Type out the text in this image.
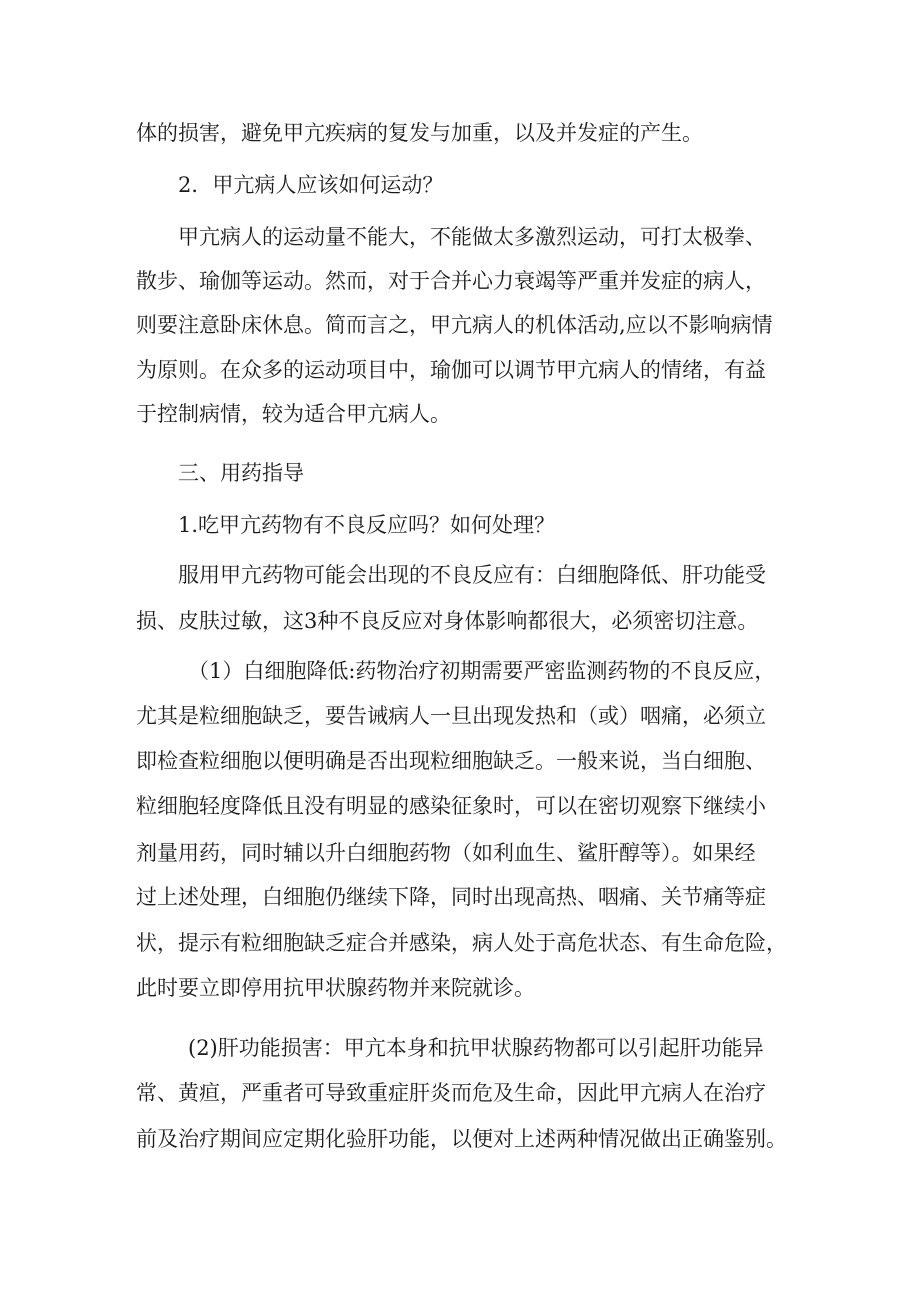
体的损害，避免甲亢疾病的复发与加重，以及并发症的产生。
2．甲亢病人应该如何运动？
甲亢病人的运动量不能大，不能做太多激烈运动，可打太极拳、
散步、瑜伽等运动。然而，对于合并心力衰竭等严重并发症的病人，
则要注意卧床休息。简而言之，甲亢病人的机体活动,应以不影响病情
为原则。在众多的运动项目中，瑜伽可以调节甲亢病人的情绪，有益
于控制病情，较为适合甲亢病人。
三、用药指导
1.吃甲亢药物有不良反应吗？如何处理？
服用甲亢药物可能会出现的不良反应有：白细胞降低、肝功能受
损、皮肤过敏，这3种不良反应对身体影响都很大，必须密切注意。
（1）白细胞降低:药物治疗初期需要严密监测药物的不良反应，
尤其是粒细胞缺乏，要告诫病人一旦出现发热和（或）咽痛，必须立
即检查粒细胞以便明确是否出现粒细胞缺乏。一般来说，当白细胞、
粒细胞轻度降低且没有明显的感染征象时，可以在密切观察下继续小
剂量用药，同时辅以升白细胞药物（如利血生、鲨肝醇等）。如果经
过上述处理，白细胞仍继续下降，同时出现高热、咽痛、关节痛等症
状，提示有粒细胞缺乏症合并感染，病人处于高危状态、有生命危险，
此时要立即停用抗甲状腺药物并来院就诊。
(2)肝功能损害：甲亢本身和抗甲状腺药物都可以引起肝功能异
常、黄疸，严重者可导致重症肝炎而危及生命，因此甲亢病人在治疗
前及治疗期间应定期化验肝功能，以便对上述两种情况做出正确鉴别。
